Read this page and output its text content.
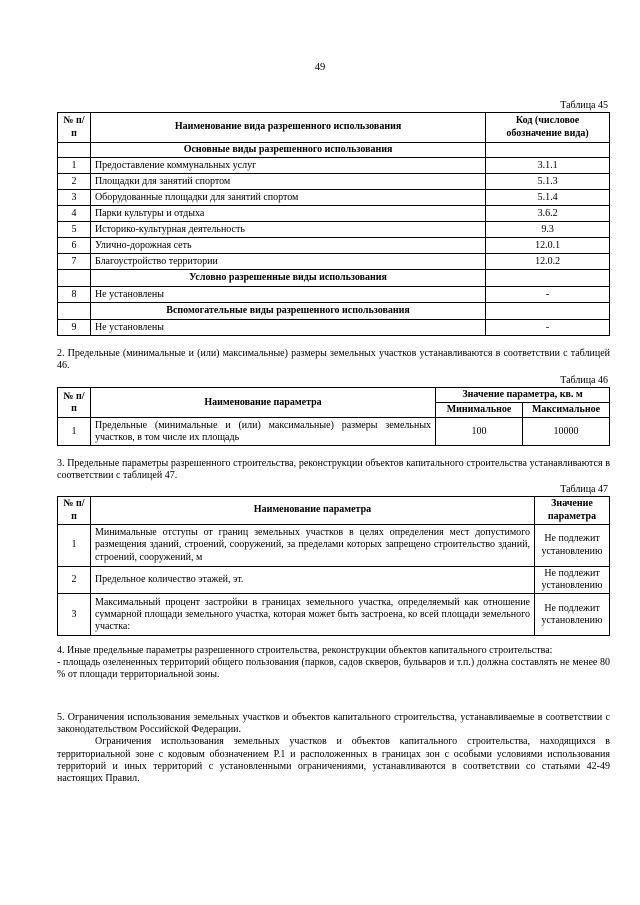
49
Таблица 45
№ п/п	Наименование вида разрешенного использования	Код (числовое обозначение вида)
	Основные виды разрешенного использования	
1	Предоставление коммунальных услуг	3.1.1
2	Площадки для занятий спортом	5.1.3
3	Оборудованные площадки для занятий спортом	5.1.4
4	Парки культуры и отдыха	3.6.2
5	Историко-культурная деятельность	9.3
6	Улично-дорожная сеть	12.0.1
7	Благоустройство территории	12.0.2
	Условно разрешенные виды использования	
8	Не установлены	-
	Вспомогательные виды разрешенного использования	
9	Не установлены	-

2. Предельные (минимальные и (или) максимальные) размеры земельных участков устанавливаются в соответствии с таблицей 46.

Таблица 46
№ п/п	Наименование параметра	Значение параметра, кв. м	
		Минимальное	Максимальное
1	Предельные (минимальные и (или) максимальные) размеры земельных участков, в том числе их площадь	100	10000

3. Предельные параметры разрешенного строительства, реконструкции объектов капитального строительства устанавливаются в соответствии с таблицей 47.

Таблица 47
№ п/п	Наименование параметра	Значение параметра
1	Минимальные отступы от границ земельных участков в целях определения мест допустимого размещения зданий, строений, сооружений, за пределами которых запрещено строительство зданий, строений, сооружений, м	Не подлежит установлению
2	Предельное количество этажей, эт.	Не подлежит установлению
3	Максимальный процент застройки в границах земельного участка, определяемый как отношение суммарной площади земельного участка, которая может быть застроена, ко всей площади земельного участка:	Не подлежит установлению

4. Иные предельные параметры разрешенного строительства, реконструкции объектов капитального строительства:

- площадь озелененных территорий общего пользования (парков, садов скверов, бульваров и т.п.) должна составлять не менее 80 % от площади территориальной зоны.

5. Ограничения использования земельных участков и объектов капитального строительства, устанавливаемые в соответствии с законодательством Российской Федерации.

Ограничения использования земельных участков и объектов капитального строительства, находящихся в территориальной зоне с кодовым обозначением Р.1 и расположенных в границах зон с особыми условиями использования территорий и иных территорий с установленными ограничениями, устанавливаются в соответствии со статьями 42-49 настоящих Правил.
